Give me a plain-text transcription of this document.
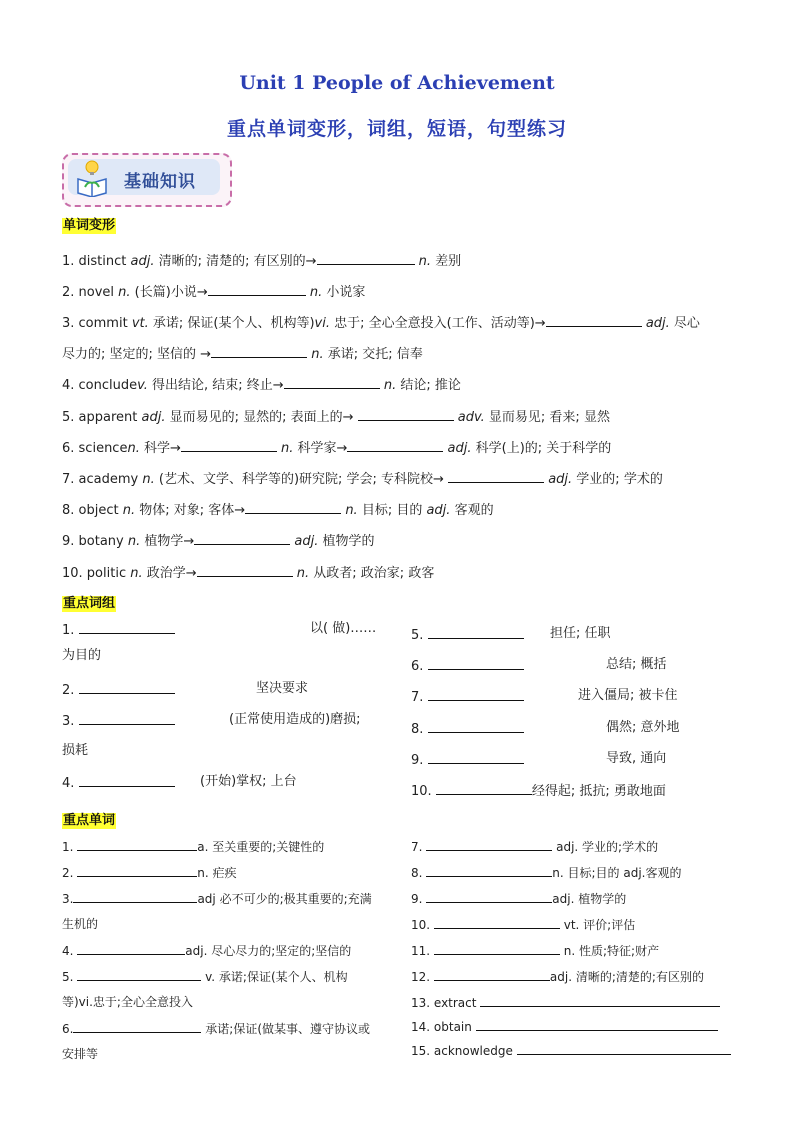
Unit 1 People of Achievement
重点单词变形，词组，短语，句型练习
基础知识
单词变形
1. distinct adj. 清晰的; 清楚的; 有区别的→	n. 差别
2. novel n. (长篇)小说→	n. 小说家
3. commit vt. 承诺; 保证(某个人、机构等)vi. 忠于; 全心全意投入(工作、活动等)→	adj. 尽心
尽力的; 坚定的; 坚信的 →	n. 承诺; 交托; 信奉
4. concludev. 得出结论, 结束; 终止→	n. 结论; 推论
5. apparent adj. 显而易见的; 显然的; 表面上的→	adv. 显而易见; 看来; 显然
6. sciencen. 科学→	n. 科学家→	adj. 科学(上)的; 关于科学的
7. academy n. (艺术、文学、科学等的)研究院; 学会; 专科院校→	adj. 学业的; 学术的
8. object n. 物体; 对象; 客体→	n. 目标; 目的 adj. 客观的
9. botany n. 植物学→	adj. 植物学的
10. politic n. 政治学→	n. 从政者; 政治家; 政客
重点词组
1.	以( 做)……
为目的
2.	坚决要求
3.	(正常使用造成的)磨损;
损耗
4.	(开始)掌权; 上台
5.	担任; 任职
6.	总结; 概括
7.	进入僵局; 被卡住
8.	偶然; 意外地
9.	导致, 通向
10.	经得起; 抵抗; 勇敢地面
重点单词
1.	a. 至关重要的;关键性的
2.	n. 疟疾
3.	adj 必不可少的;极其重要的;充满
生机的
4.	adj. 尽心尽力的;坚定的;坚信的
5.	v. 承诺;保证(某个人、机构
等)vi.忠于;全心全意投入
6.	承诺;保证(做某事、遵守协议或
安排等
7.	adj. 学业的;学术的
8.	n. 目标;目的 adj.客观的
9.	adj. 植物学的
10.	vt. 评价;评估
11.	n. 性质;特征;财产
12.	adj. 清晰的;清楚的;有区别的
13. extract
14. obtain
15. acknowledge
